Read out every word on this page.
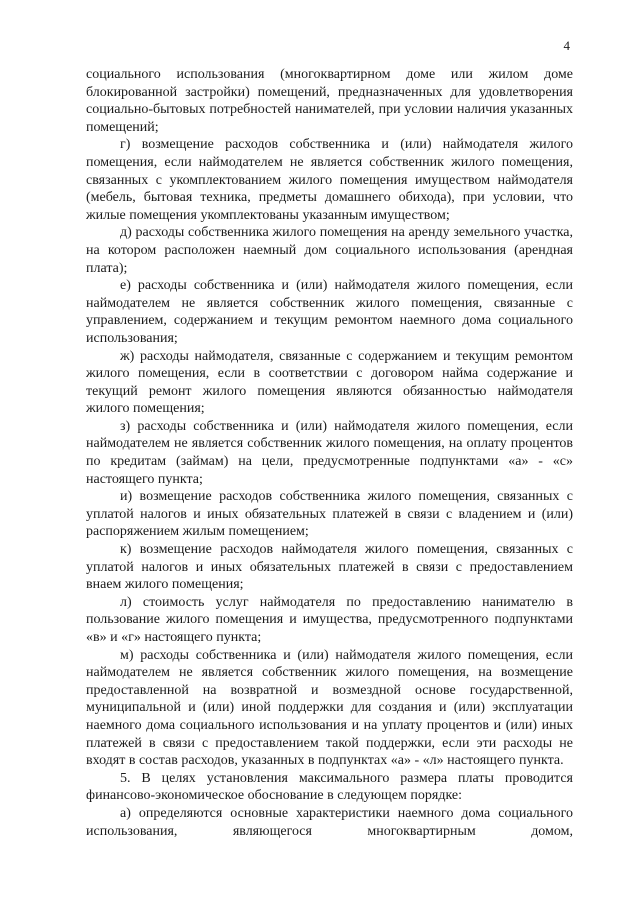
4

социального использования (многоквартирном доме или жилом доме блокированной застройки) помещений, предназначенных для удовлетворения социально-бытовых потребностей нанимателей, при условии наличия указанных помещений;

г) возмещение расходов собственника и (или) наймодателя жилого помещения, если наймодателем не является собственник жилого помещения, связанных с укомплектованием жилого помещения имуществом наймодателя (мебель, бытовая техника, предметы домашнего обихода), при условии, что жилые помещения укомплектованы указанным имуществом;

д) расходы собственника жилого помещения на аренду земельного участка, на котором расположен наемный дом социального использования (арендная плата);

е) расходы собственника и (или) наймодателя жилого помещения, если наймодателем не является собственник жилого помещения, связанные с управлением, содержанием и текущим ремонтом наемного дома социального использования;

ж) расходы наймодателя, связанные с содержанием и текущим ремонтом жилого помещения, если в соответствии с договором найма содержание и текущий ремонт жилого помещения являются обязанностью наймодателя жилого помещения;

з) расходы собственника и (или) наймодателя жилого помещения, если наймодателем не является собственник жилого помещения, на оплату процентов по кредитам (займам) на цели, предусмотренные подпунктами «а» - «с» настоящего пункта;

и) возмещение расходов собственника жилого помещения, связанных с уплатой налогов и иных обязательных платежей в связи с владением и (или) распоряжением жилым помещением;

к) возмещение расходов наймодателя жилого помещения, связанных с уплатой налогов и иных обязательных платежей в связи с предоставлением внаем жилого помещения;

л) стоимость услуг наймодателя по предоставлению нанимателю в пользование жилого помещения и имущества, предусмотренного подпунктами «в» и «г» настоящего пункта;

м) расходы собственника и (или) наймодателя жилого помещения, если наймодателем не является собственник жилого помещения, на возмещение предоставленной на возвратной и возмездной основе государственной, муниципальной и (или) иной поддержки для создания и (или) эксплуатации наемного дома социального использования и на уплату процентов и (или) иных платежей в связи с предоставлением такой поддержки, если эти расходы не входят в состав расходов, указанных в подпунктах «а» - «л» настоящего пункта.

5. В целях установления максимального размера платы проводится финансово-экономическое обоснование в следующем порядке:

а) определяются основные характеристики наемного дома социального использования, являющегося многоквартирным домом,
